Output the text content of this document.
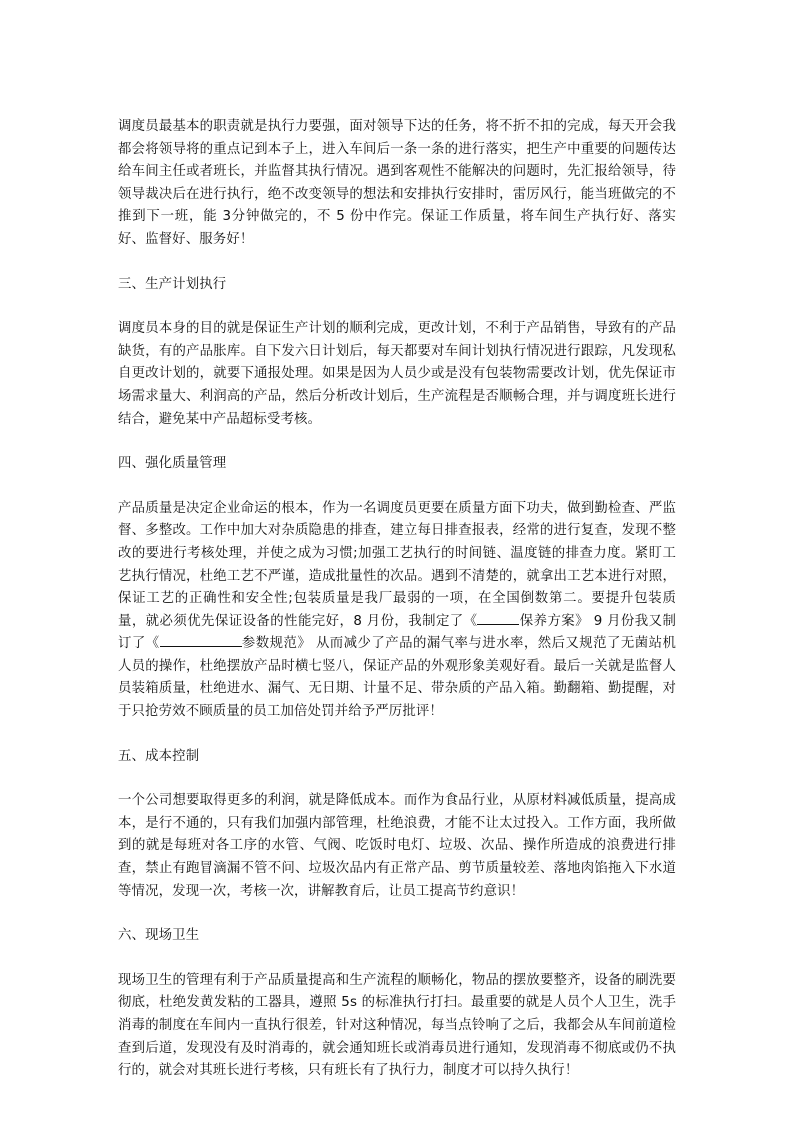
调度员最基本的职责就是执行力要强，面对领导下达的任务，将不折不扣的完成，每天开会我都会将领导将的重点记到本子上，进入车间后一条一条的进行落实，把生产中重要的问题传达给车间主任或者班长，并监督其执行情况。遇到客观性不能解决的问题时，先汇报给领导，待领导裁决后在进行执行，绝不改变领导的想法和安排执行安排时，雷厉风行，能当班做完的不推到下一班，能 3分钟做完的，不 5 份中作完。保证工作质量，将车间生产执行好、落实好、监督好、服务好！

三、生产计划执行

调度员本身的目的就是保证生产计划的顺利完成，更改计划，不利于产品销售，导致有的产品缺货，有的产品胀库。自下发六日计划后，每天都要对车间计划执行情况进行跟踪，凡发现私自更改计划的，就要下通报处理。如果是因为人员少或是没有包装物需要改计划，优先保证市场需求量大、利润高的产品，然后分析改计划后，生产流程是否顺畅合理，并与调度班长进行结合，避免某中产品超标受考核。

四、强化质量管理

产品质量是决定企业命运的根本，作为一名调度员更要在质量方面下功夫，做到勤检查、严监督、多整改。工作中加大对杂质隐患的排查，建立每日排查报表，经常的进行复查，发现不整改的要进行考核处理，并使之成为习惯;加强工艺执行的时间链、温度链的排查力度。紧盯工艺执行情况，杜绝工艺不严谨，造成批量性的次品。遇到不清楚的，就拿出工艺本进行对照，保证工艺的正确性和安全性;包装质量是我厂最弱的一项，在全国倒数第二。要提升包装质量，就必须优先保证设备的性能完好，8 月份，我制定了《	保养方案》 9 月份我又制订了《	参数规范》 从而减少了产品的漏气率与进水率，然后又规范了无菌站机人员的操作，杜绝摆放产品时横七竖八，保证产品的外观形象美观好看。最后一关就是监督人员装箱质量，杜绝进水、漏气、无日期、计量不足、带杂质的产品入箱。勤翻箱、勤提醒，对于只抢劳效不顾质量的员工加倍处罚并给予严厉批评！

五、成本控制

一个公司想要取得更多的利润，就是降低成本。而作为食品行业，从原材料减低质量，提高成本，是行不通的，只有我们加强内部管理，杜绝浪费，才能不让太过投入。工作方面，我所做到的就是每班对各工序的水管、气阀、吃饭时电灯、垃圾、次品、操作所造成的浪费进行排查，禁止有跑冒滴漏不管不问、垃圾次品内有正常产品、剪节质量较差、落地肉馅拖入下水道等情况，发现一次，考核一次，讲解教育后，让员工提高节约意识！

六、现场卫生

现场卫生的管理有利于产品质量提高和生产流程的顺畅化，物品的摆放要整齐，设备的刷洗要彻底，杜绝发黄发粘的工器具，遵照 5s 的标准执行打扫。最重要的就是人员个人卫生，洗手消毒的制度在车间内一直执行很差，针对这种情况，每当点铃响了之后，我都会从车间前道检查到后道，发现没有及时消毒的，就会通知班长或消毒员进行通知，发现消毒不彻底或仍不执行的，就会对其班长进行考核，只有班长有了执行力，制度才可以持久执行！
